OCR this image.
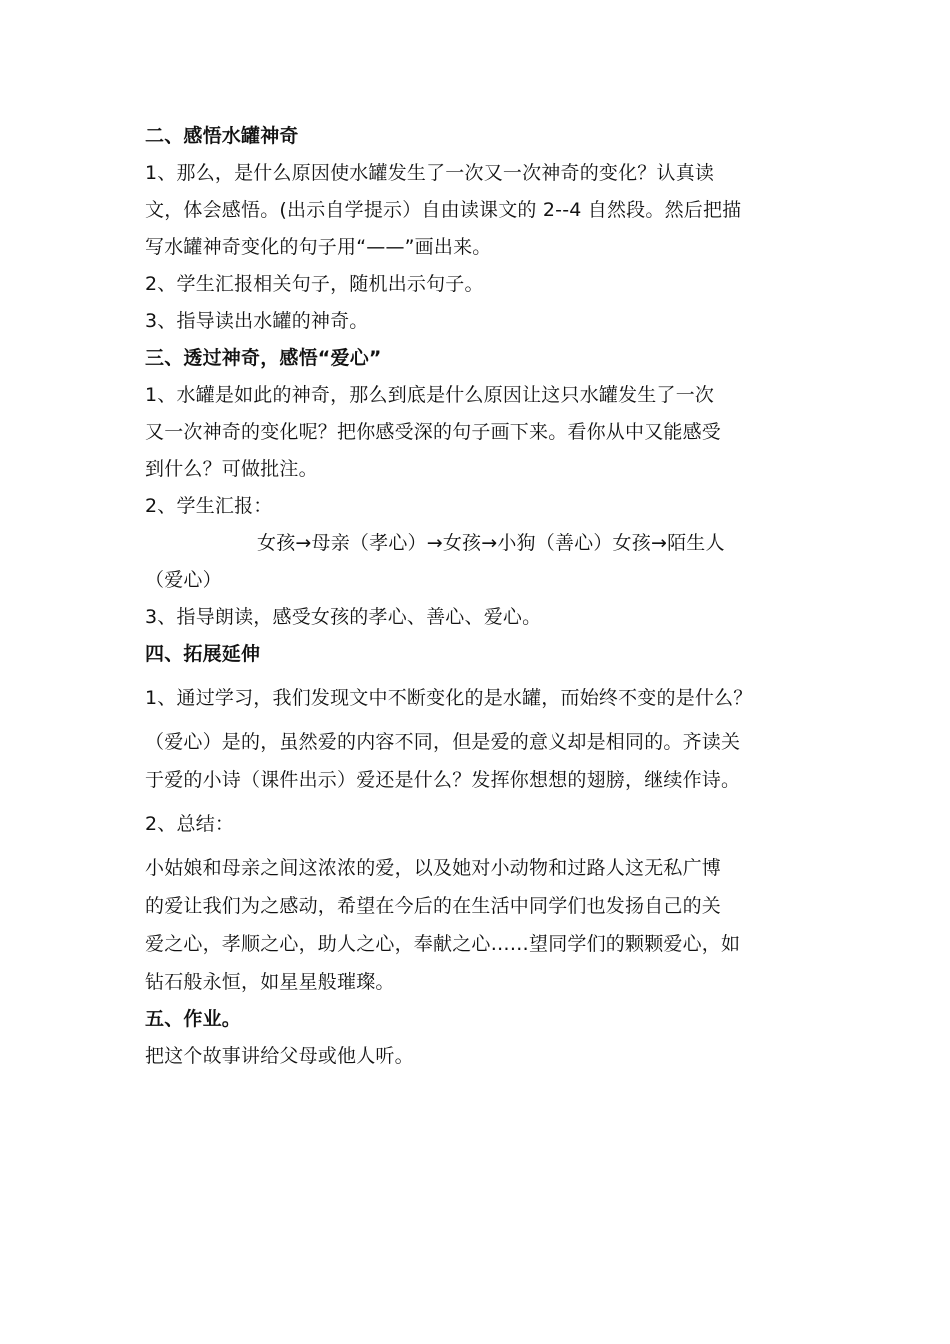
二、感悟水罐神奇
1、那么，是什么原因使水罐发生了一次又一次神奇的变化？认真读
文，体会感悟。(出示自学提示）自由读课文的 2--4 自然段。然后把描
写水罐神奇变化的句子用“——”画出来。
2、学生汇报相关句子，随机出示句子。
3、指导读出水罐的神奇。
三、透过神奇，感悟“爱心”
1、水罐是如此的神奇，那么到底是什么原因让这只水罐发生了一次
又一次神奇的变化呢？把你感受深的句子画下来。看你从中又能感受
到什么？可做批注。
2、学生汇报：
女孩→母亲（孝心）→女孩→小狗（善心）女孩→陌生人
（爱心）
3、指导朗读，感受女孩的孝心、善心、爱心。
四、拓展延伸
1、通过学习，我们发现文中不断变化的是水罐，而始终不变的是什么？
（爱心）是的，虽然爱的内容不同，但是爱的意义却是相同的。齐读关
于爱的小诗（课件出示）爱还是什么？发挥你想想的翅膀，继续作诗。
2、总结：
小姑娘和母亲之间这浓浓的爱，以及她对小动物和过路人这无私广博
的爱让我们为之感动，希望在今后的在生活中同学们也发扬自己的关
爱之心，孝顺之心，助人之心，奉献之心……望同学们的颗颗爱心，如
钻石般永恒，如星星般璀璨。
五、作业。
把这个故事讲给父母或他人听。
